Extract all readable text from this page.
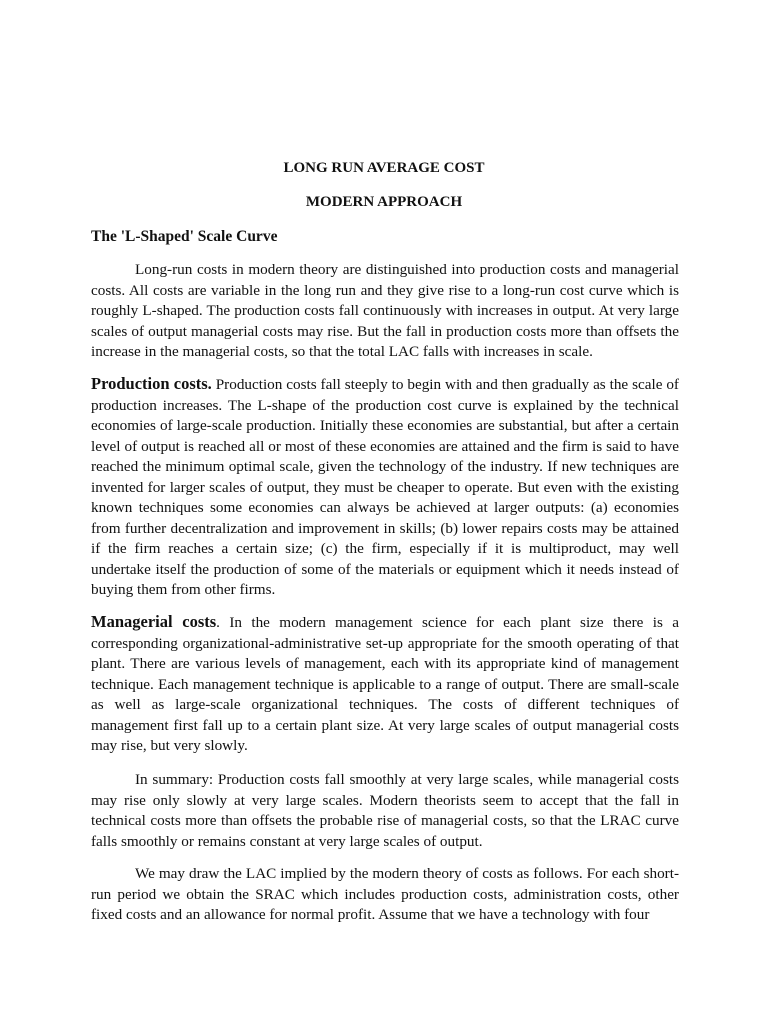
LONG RUN AVERAGE COST
MODERN APPROACH
The 'L-Shaped' Scale Curve

Long-run costs in modern theory are distinguished into production costs and managerial costs. All costs are variable in the long run and they give rise to a long-run cost curve which is roughly L-shaped. The production costs fall continuously with increases in output. At very large scales of output managerial costs may rise. But the fall in production costs more than offsets the increase in the managerial costs, so that the total LAC falls with increases in scale.

Production costs. Production costs fall steeply to begin with and then gradually as the scale of production increases. The L-shape of the production cost curve is explained by the technical economies of large-scale production. Initially these economies are substantial, but after a certain level of output is reached all or most of these economies are attained and the firm is said to have reached the minimum optimal scale, given the technology of the industry. If new techniques are invented for larger scales of output, they must be cheaper to operate. But even with the existing known techniques some economies can always be achieved at larger outputs: (a) economies from further decentralization and improvement in skills; (b) lower repairs costs may be attained if the firm reaches a certain size; (c) the firm, especially if it is multiproduct, may well undertake itself the production of some of the materials or equipment which it needs instead of buying them from other firms.

Managerial costs. In the modern management science for each plant size there is a corresponding organizational-administrative set-up appropriate for the smooth operating of that plant. There are various levels of management, each with its appropriate kind of management technique. Each management technique is applicable to a range of output. There are small-scale as well as large-scale organizational techniques. The costs of different techniques of management first fall up to a certain plant size. At very large scales of output managerial costs may rise, but very slowly.

In summary: Production costs fall smoothly at very large scales, while managerial costs may rise only slowly at very large scales. Modern theorists seem to accept that the fall in technical costs more than offsets the probable rise of managerial costs, so that the LRAC curve falls smoothly or remains constant at very large scales of output.

We may draw the LAC implied by the modern theory of costs as follows. For each short-run period we obtain the SRAC which includes production costs, administration costs, other fixed costs and an allowance for normal profit. Assume that we have a technology with four
